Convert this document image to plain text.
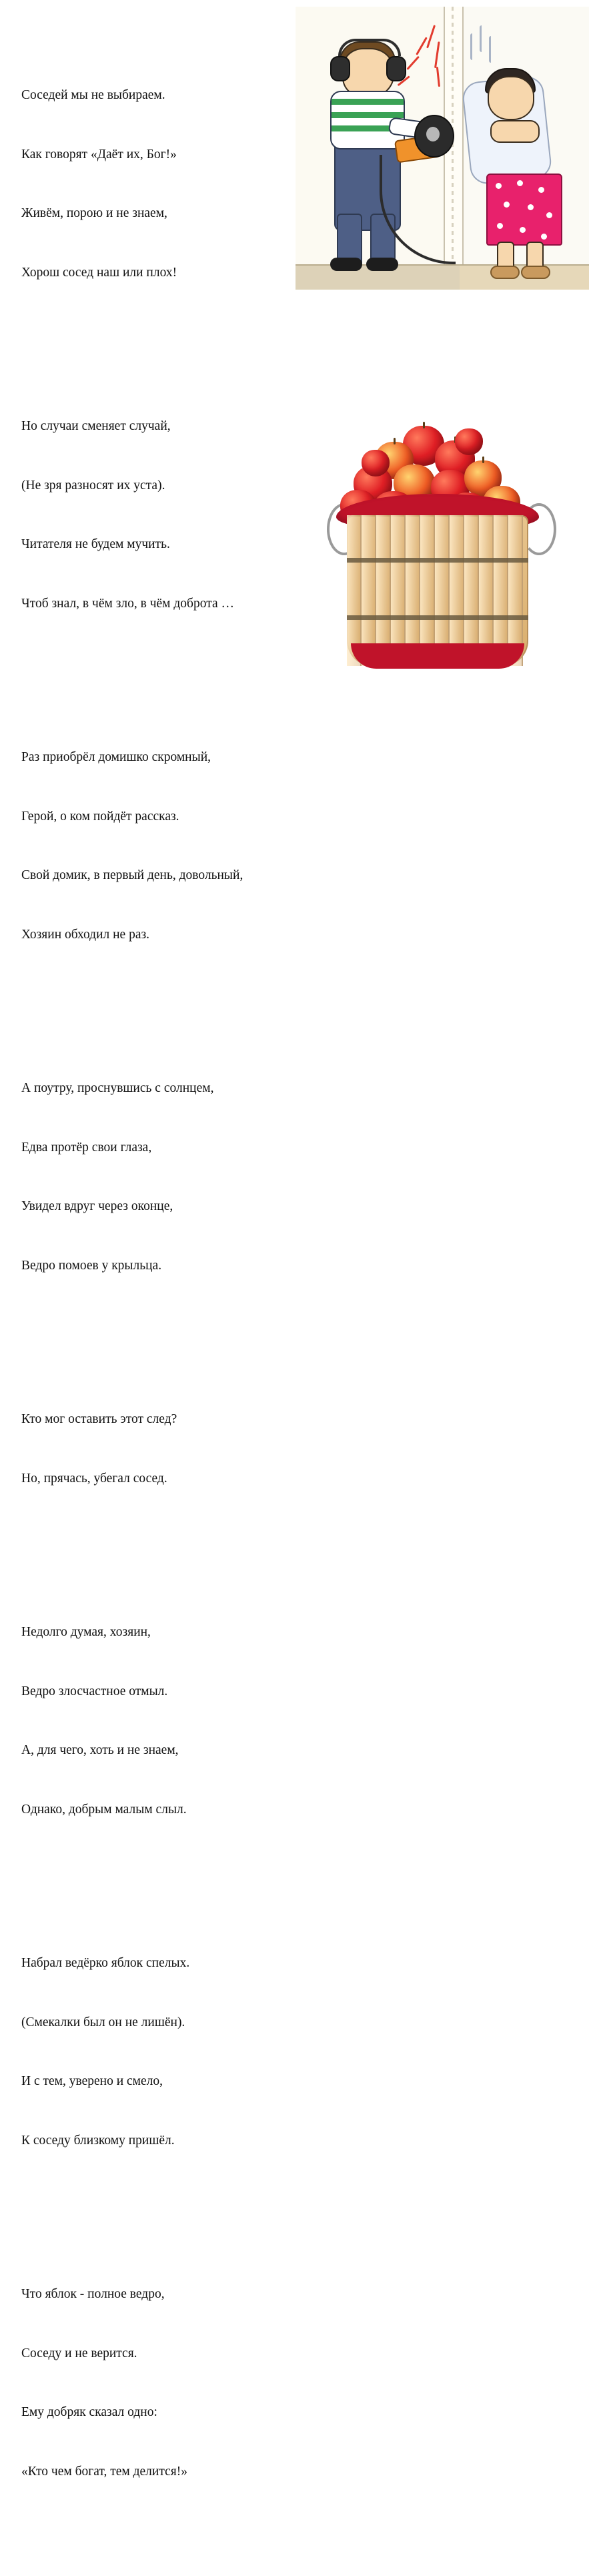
Соседей мы не выбираем.

Как говорят «Даёт их, Бог!»

Живём, порою и не знаем,

Хорош сосед наш или плох!

Но случаи сменяет случай,

(Не зря разносят их уста).

Читателя не будем мучить.

Чтоб знал, в чём зло, в чём доброта …

Раз приобрёл домишко скромный,

Герой, о ком пойдёт рассказ.

Свой домик, в первый день, довольный,

Хозяин обходил не раз.

А поутру, проснувшись с солнцем,

Едва протёр свои глаза,

Увидел вдруг через оконце,

Ведро помоев у крыльца.

Кто мог оставить этот след?

Но, прячась, убегал сосед.

Недолго думая, хозяин,

Ведро злосчастное отмыл.

А, для чего, хоть и не знаем,

Однако, добрым малым слыл.

Набрал ведёрко яблок спелых.

(Смекалки был он не лишён).

И с тем, уверено и смело,

К соседу близкому пришёл.

Что яблок - полное ведро,

Соседу и не верится.

Ему добряк сказал одно:

«Кто чем богат, тем делится!»
